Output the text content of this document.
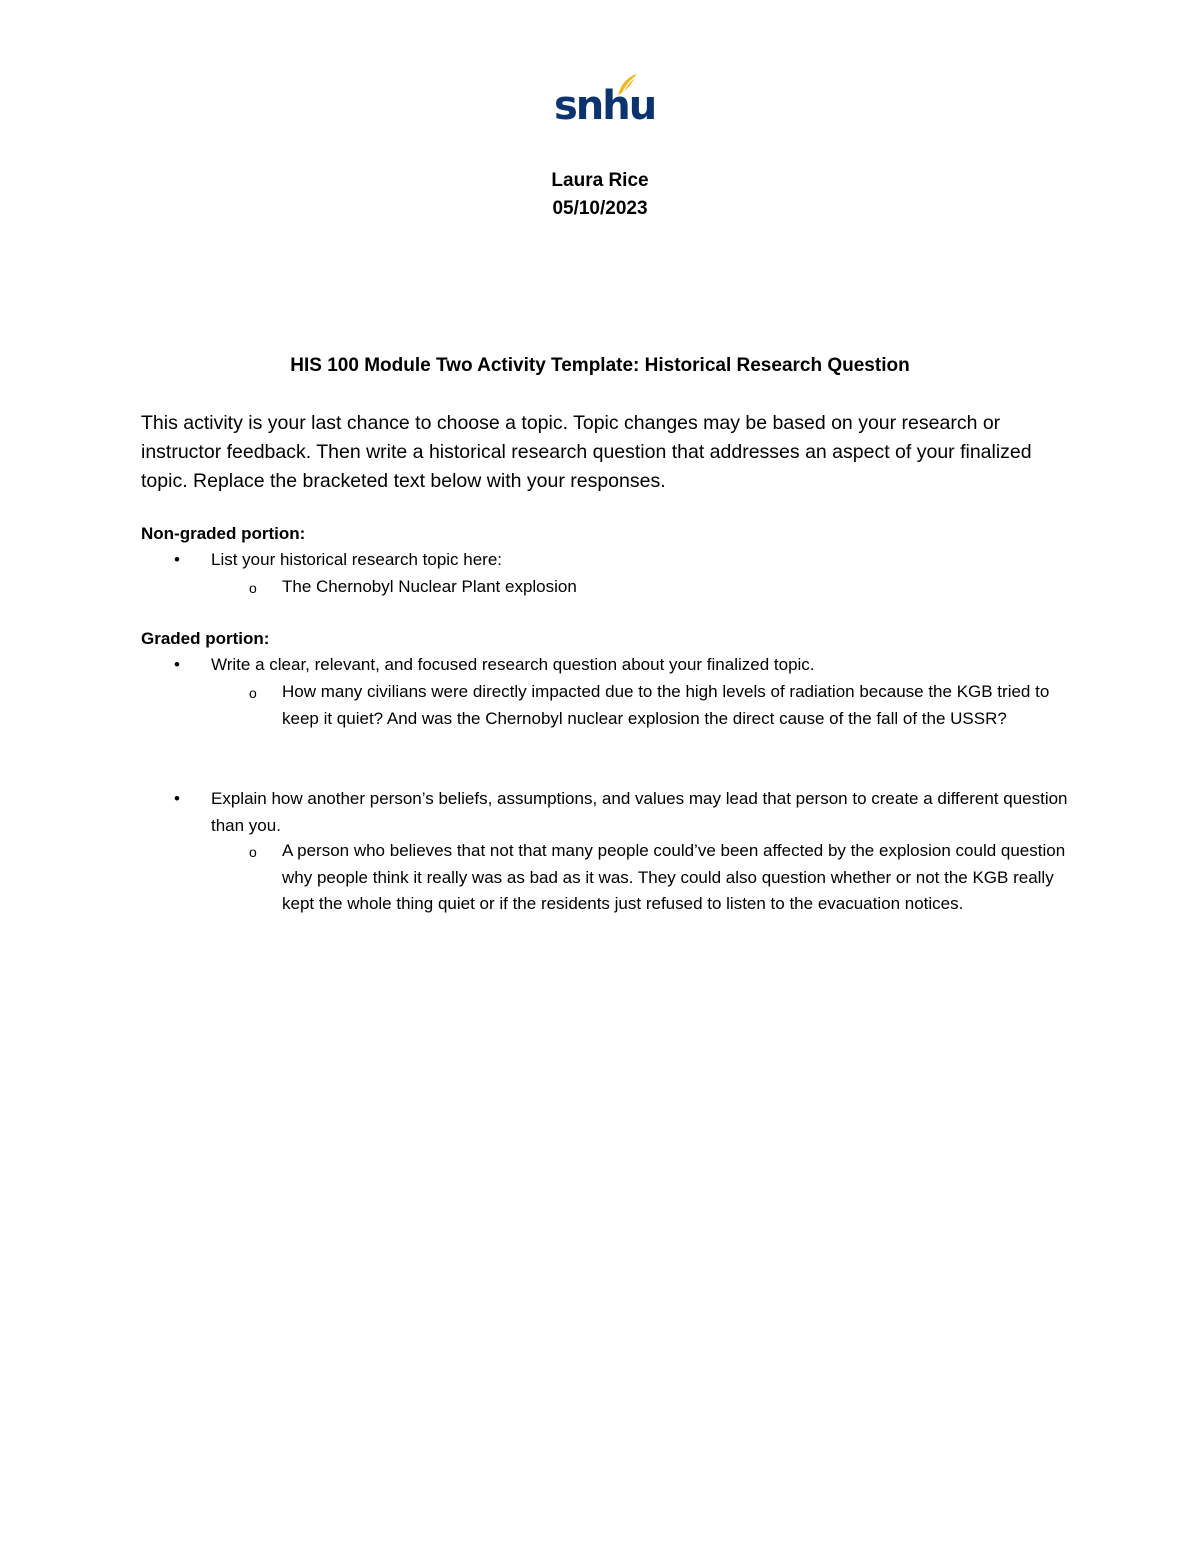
snhu
Laura Rice
05/10/2023
HIS 100 Module Two Activity Template: Historical Research Question
This activity is your last chance to choose a topic. Topic changes may be based on your research or instructor feedback. Then write a historical research question that addresses an aspect of your finalized topic. Replace the bracketed text below with your responses.
Non-graded portion:
• List your historical research topic here:
o The Chernobyl Nuclear Plant explosion
Graded portion:
• Write a clear, relevant, and focused research question about your finalized topic.
o How many civilians were directly impacted due to the high levels of radiation because the KGB tried to keep it quiet? And was the Chernobyl nuclear explosion the direct cause of the fall of the USSR?
• Explain how another person’s beliefs, assumptions, and values may lead that person to create a different question than you.
o A person who believes that not that many people could’ve been affected by the explosion could question why people think it really was as bad as it was. They could also question whether or not the KGB really kept the whole thing quiet or if the residents just refused to listen to the evacuation notices.
